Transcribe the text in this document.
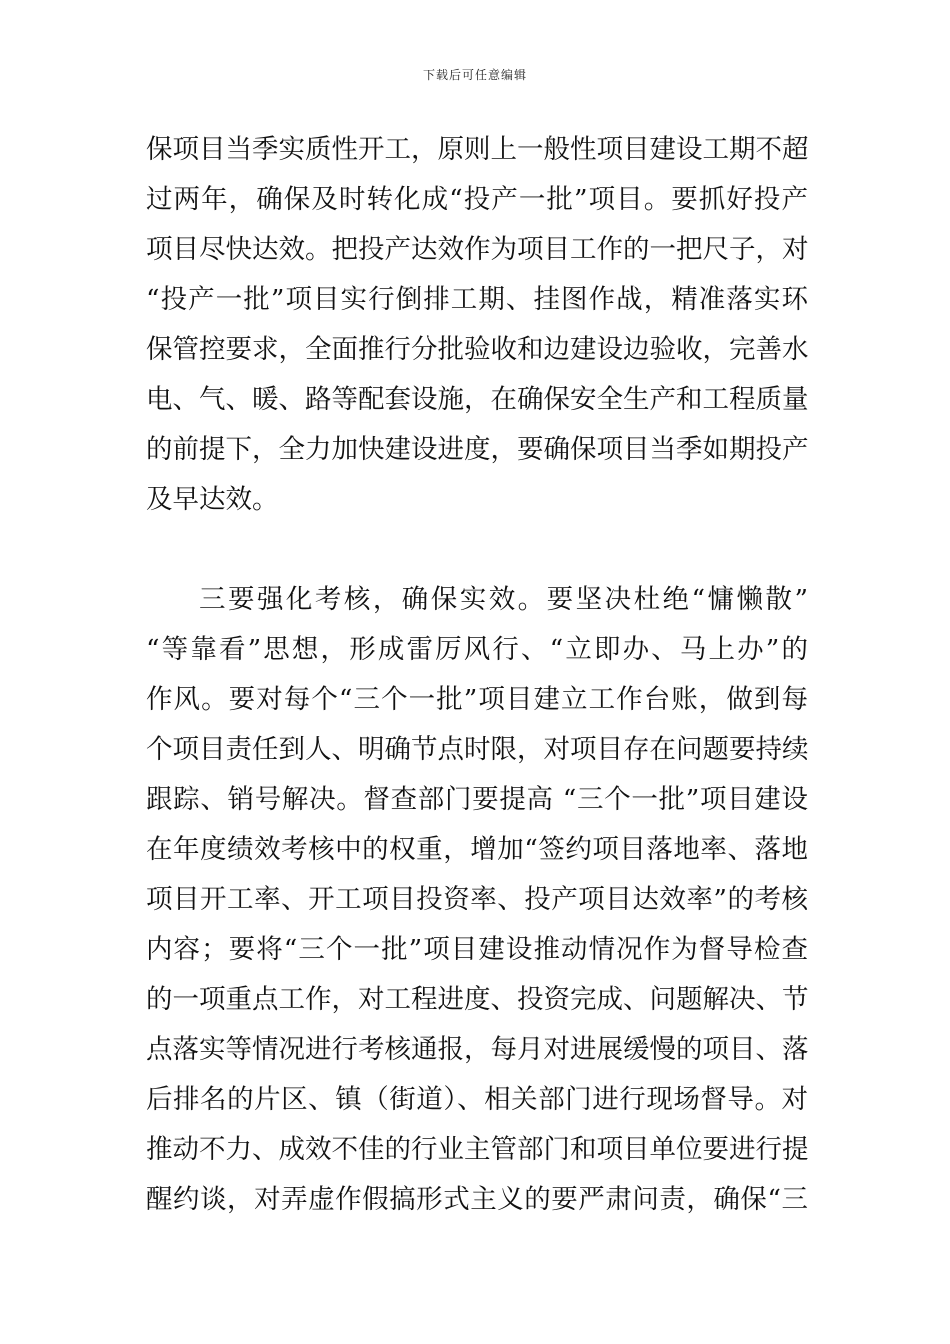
下载后可任意编辑
保项目当季实质性开工，原则上一般性项目建设工期不超
过两年，确保及时转化成“投产一批”项目。要抓好投产
项目尽快达效。把投产达效作为项目工作的一把尺子，对
“投产一批”项目实行倒排工期、挂图作战，精准落实环
保管控要求，全面推行分批验收和边建设边验收，完善水
电、气、暖、路等配套设施，在确保安全生产和工程质量
的前提下，全力加快建设进度，要确保项目当季如期投产
及早达效。
三要强化考核，确保实效。要坚决杜绝“慵懒散”
“等靠看”思想，形成雷厉风行、“立即办、马上办”的
作风。要对每个“三个一批”项目建立工作台账，做到每
个项目责任到人、明确节点时限，对项目存在问题要持续
跟踪、销号解决。督查部门要提高 “三个一批”项目建设
在年度绩效考核中的权重，增加“签约项目落地率、落地
项目开工率、开工项目投资率、投产项目达效率”的考核
内容；要将“三个一批”项目建设推动情况作为督导检查
的一项重点工作，对工程进度、投资完成、问题解决、节
点落实等情况进行考核通报，每月对进展缓慢的项目、落
后排名的片区、镇（街道）、相关部门进行现场督导。对
推动不力、成效不佳的行业主管部门和项目单位要进行提
醒约谈，对弄虚作假搞形式主义的要严肃问责，确保“三
